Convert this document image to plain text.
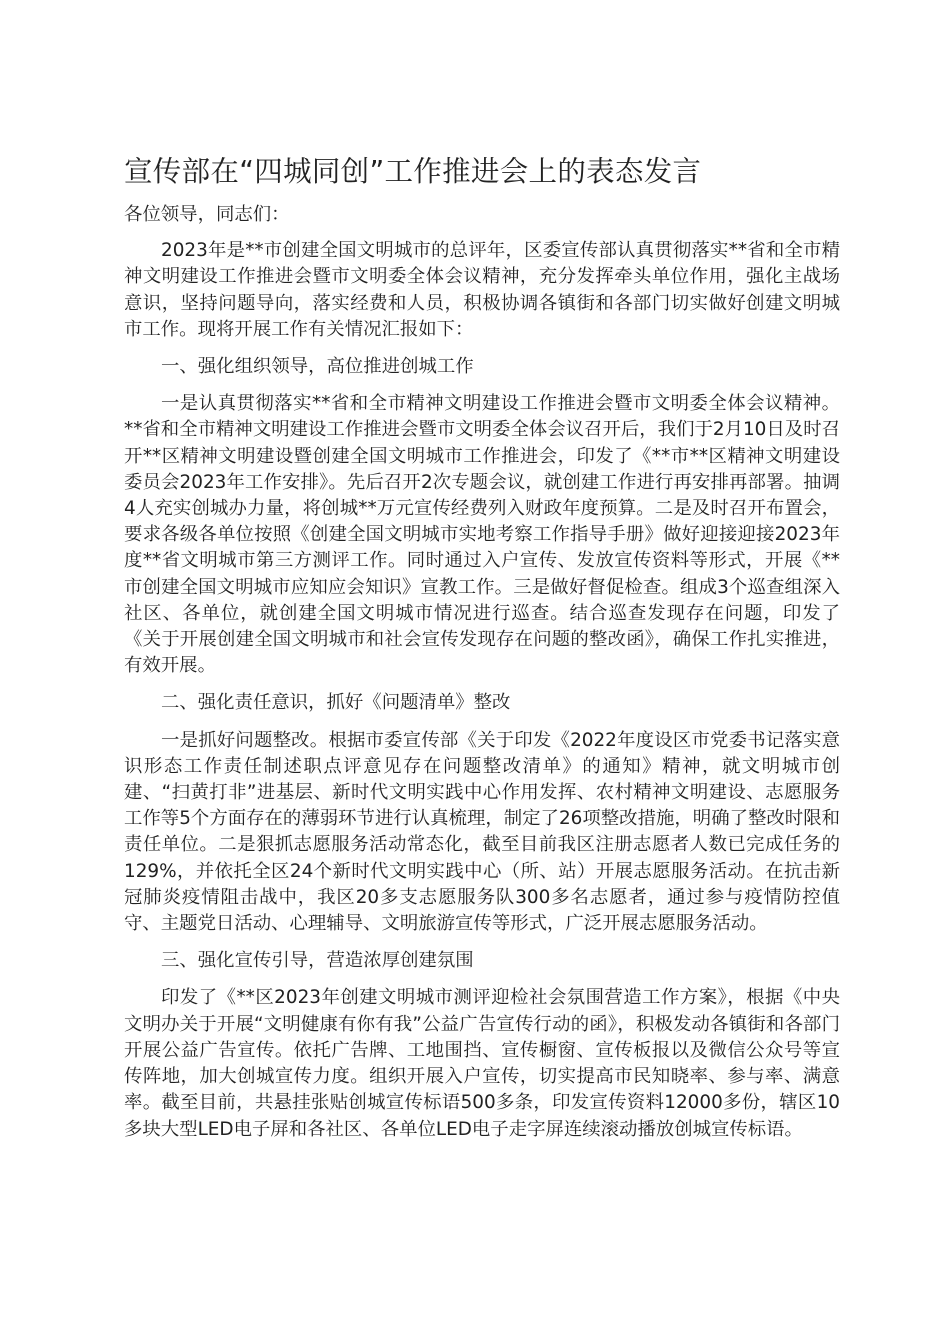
宣传部在“四城同创”工作推进会上的表态发言

各位领导，同志们：

2023年是**市创建全国文明城市的总评年，区委宣传部认真贯彻落实**省和全市精神文明建设工作推进会暨市文明委全体会议精神，充分发挥牵头单位作用，强化主战场意识，坚持问题导向，落实经费和人员，积极协调各镇街和各部门切实做好创建文明城市工作。现将开展工作有关情况汇报如下：

一、强化组织领导，高位推进创城工作

一是认真贯彻落实**省和全市精神文明建设工作推进会暨市文明委全体会议精神。**省和全市精神文明建设工作推进会暨市文明委全体会议召开后，我们于2月10日及时召开**区精神文明建设暨创建全国文明城市工作推进会，印发了《**市**区精神文明建设委员会2023年工作安排》。先后召开2次专题会议，就创建工作进行再安排再部署。抽调4人充实创城办力量，将创城**万元宣传经费列入财政年度预算。二是及时召开布置会，要求各级各单位按照《创建全国文明城市实地考察工作指导手册》做好迎接迎接2023年度**省文明城市第三方测评工作。同时通过入户宣传、发放宣传资料等形式，开展《**市创建全国文明城市应知应会知识》宣教工作。三是做好督促检查。组成3个巡查组深入社区、各单位，就创建全国文明城市情况进行巡查。结合巡查发现存在问题，印发了《关于开展创建全国文明城市和社会宣传发现存在问题的整改函》，确保工作扎实推进，有效开展。

二、强化责任意识，抓好《问题清单》整改

一是抓好问题整改。根据市委宣传部《关于印发《2022年度设区市党委书记落实意识形态工作责任制述职点评意见存在问题整改清单》的通知》精神，就文明城市创建、“扫黄打非”进基层、新时代文明实践中心作用发挥、农村精神文明建设、志愿服务工作等5个方面存在的薄弱环节进行认真梳理，制定了26项整改措施，明确了整改时限和责任单位。二是狠抓志愿服务活动常态化，截至目前我区注册志愿者人数已完成任务的129%，并依托全区24个新时代文明实践中心（所、站）开展志愿服务活动。在抗击新冠肺炎疫情阻击战中，我区20多支志愿服务队300多名志愿者，通过参与疫情防控值守、主题党日活动、心理辅导、文明旅游宣传等形式，广泛开展志愿服务活动。

三、强化宣传引导，营造浓厚创建氛围

印发了《**区2023年创建文明城市测评迎检社会氛围营造工作方案》，根据《中央文明办关于开展“文明健康有你有我”公益广告宣传行动的函》，积极发动各镇街和各部门开展公益广告宣传。依托广告牌、工地围挡、宣传橱窗、宣传板报以及微信公众号等宣传阵地，加大创城宣传力度。组织开展入户宣传，切实提高市民知晓率、参与率、满意率。截至目前，共悬挂张贴创城宣传标语500多条，印发宣传资料12000多份，辖区10多块大型LED电子屏和各社区、各单位LED电子走字屏连续滚动播放创城宣传标语。
